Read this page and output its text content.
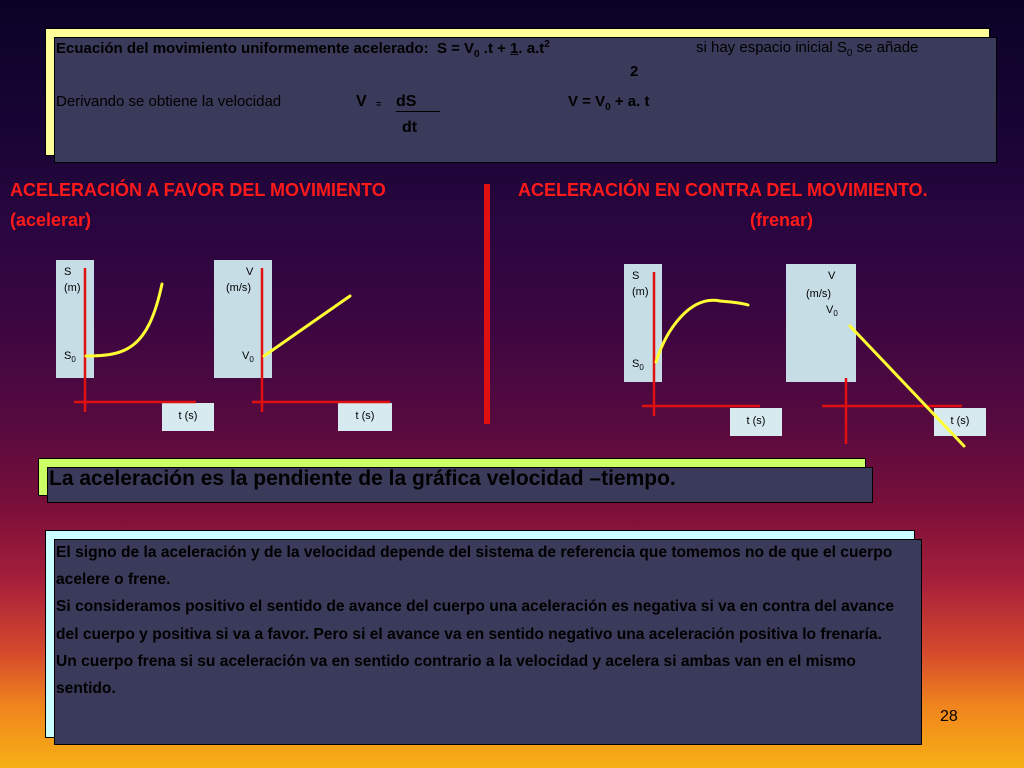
Ecuación del movimiento uniformemente acelerado: $S = V_0$ .t + 1. $a.t^2$	si hay espacio inicial $S_0$ se añade
2
Derivando se obtiene la velocidad	V = dS
dt
$V = V_0 + a$. t
ACELERACIÓN A FAVOR DEL MOVIMIENTO
(acelerar)
ACELERACIÓN EN CONTRA DEL MOVIMIENTO.
(frenar)
t (s)	t (s)	t (s)	t (s)
S
(m)
$S_0$
V
(m/s)
$V_0$
S
(m)
$S_0$
V
(m/s)
$V_0$
La aceleración es la pendiente de la gráfica velocidad –tiempo.

El signo de la aceleración y de la velocidad depende del sistema de referencia que tomemos no de que el cuerpo acelere o frene.

Si consideramos positivo el sentido de avance del cuerpo una aceleración es negativa si va en contra del avance del cuerpo y positiva si va a favor. Pero si el avance va en sentido negativo una aceleración positiva lo frenaría.

Un cuerpo frena si su aceleración va en sentido contrario a la velocidad y acelera si ambas van en el mismo sentido.

28
